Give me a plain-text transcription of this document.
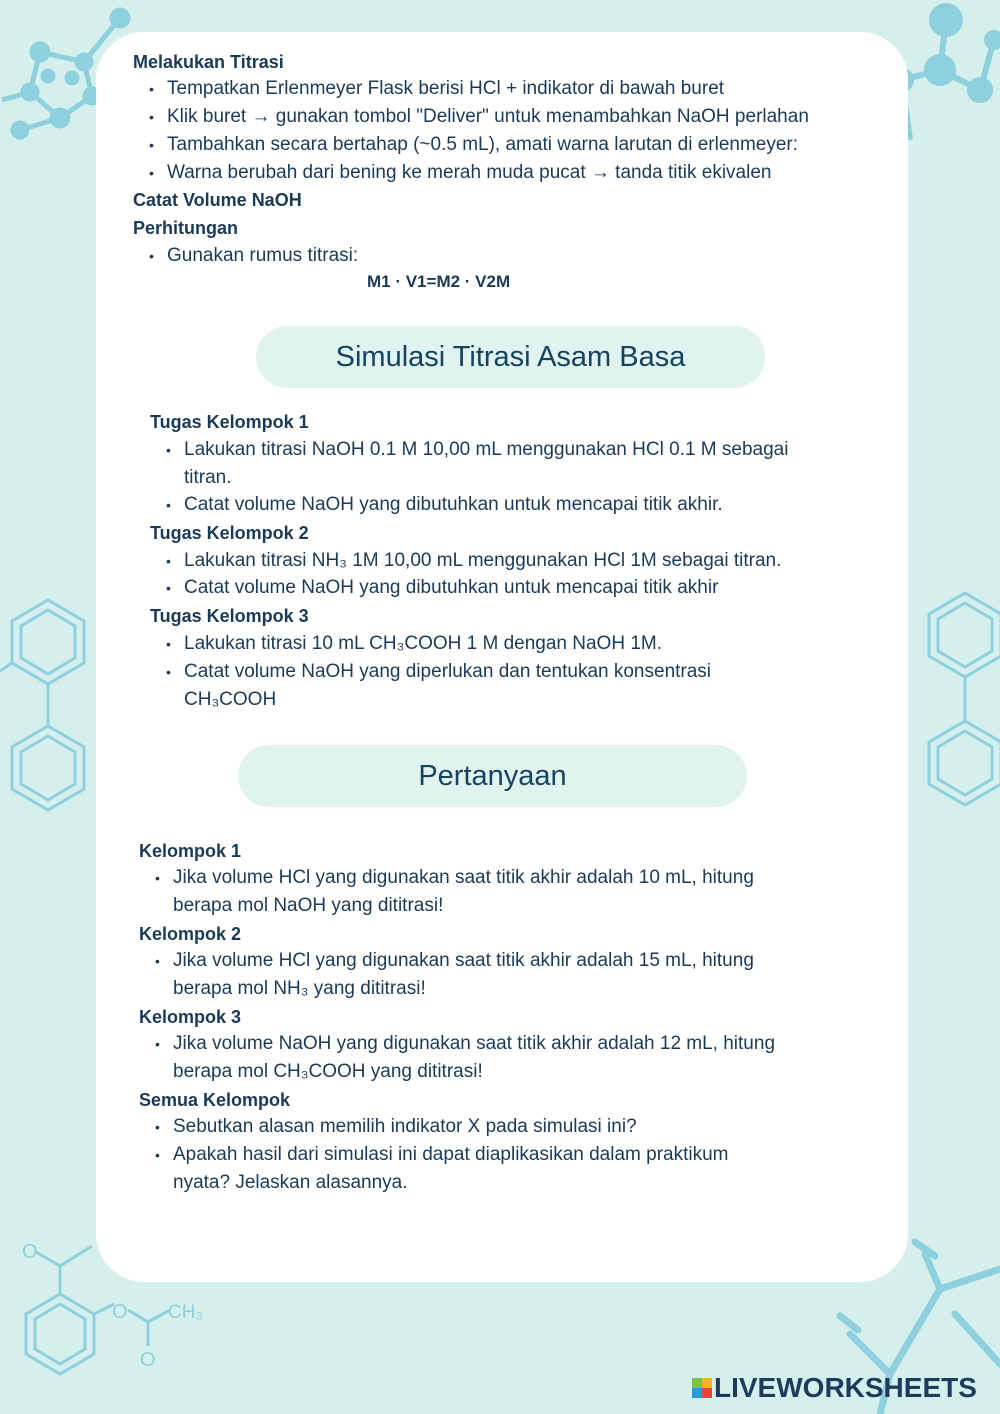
O
O
O
CH₃

Melakukan Titrasi

• Tempatkan Erlenmeyer Flask berisi HCl + indikator di bawah buret

• Klik buret → gunakan tombol "Deliver" untuk menambahkan NaOH perlahan

• Tambahkan secara bertahap (~0.5 mL), amati warna larutan di erlenmeyer:

• Warna berubah dari bening ke merah muda pucat → tanda titik ekivalen

Catat Volume NaOH

Perhitungan

• Gunakan rumus titrasi:

M1 · V1=M2 · V2M

Simulasi Titrasi Asam Basa

Tugas Kelompok 1

• Lakukan titrasi NaOH 0.1 M 10,00 mL menggunakan HCl 0.1 M sebagai

titran.

• Catat volume NaOH yang dibutuhkan untuk mencapai titik akhir.

Tugas Kelompok 2

• Lakukan titrasi NH₃ 1M 10,00 mL menggunakan HCl 1M sebagai titran.

• Catat volume NaOH yang dibutuhkan untuk mencapai titik akhir

Tugas Kelompok 3

• Lakukan titrasi 10 mL CH₃COOH 1 M dengan NaOH 1M.

• Catat volume NaOH yang diperlukan dan tentukan konsentrasi

CH₃COOH

Pertanyaan

Kelompok 1

• Jika volume HCl yang digunakan saat titik akhir adalah 10 mL, hitung

berapa mol NaOH yang dititrasi!

Kelompok 2

• Jika volume HCl yang digunakan saat titik akhir adalah 15 mL, hitung

berapa mol NH₃ yang dititrasi!

Kelompok 3

• Jika volume NaOH yang digunakan saat titik akhir adalah 12 mL, hitung

berapa mol CH₃COOH yang dititrasi!

Semua Kelompok

• Sebutkan alasan memilih indikator X pada simulasi ini?

• Apakah hasil dari simulasi ini dapat diaplikasikan dalam praktikum

nyata? Jelaskan alasannya.

LIVEWORKSHEETS
